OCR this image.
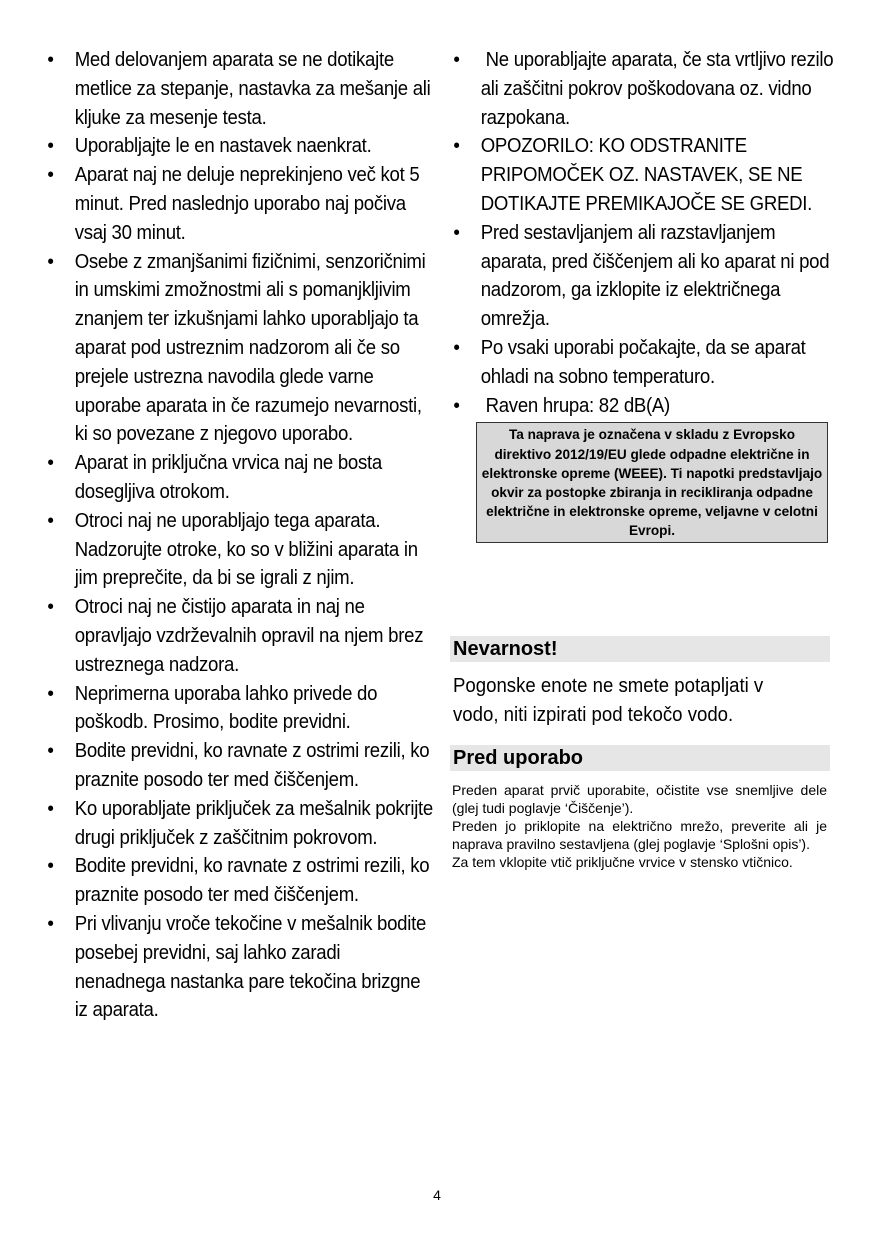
• Med delovanjem aparata se ne dotikajte metlice za stepanje, nastavka za mešanje ali kljuke za mesenje testa.
• Uporabljajte le en nastavek naenkrat.
• Aparat naj ne deluje neprekinjeno več kot 5 minut. Pred naslednjo uporabo naj počiva vsaj 30 minut.
• Osebe z zmanjšanimi fizičnimi, senzoričnimi in umskimi zmožnostmi ali s pomanjkljivim znanjem ter izkušnjami lahko uporabljajo ta aparat pod ustreznim nadzorom ali če so prejele ustrezna navodila glede varne uporabe aparata in če razumejo nevarnosti, ki so povezane z njegovo uporabo.
• Aparat in priključna vrvica naj ne bosta dosegljiva otrokom.
• Otroci naj ne uporabljajo tega aparata. Nadzorujte otroke, ko so v bližini aparata in jim preprečite, da bi se igrali z njim.
• Otroci naj ne čistijo aparata in naj ne opravljajo vzdrževalnih opravil na njem brez ustreznega nadzora.
• Neprimerna uporaba lahko privede do poškodb. Prosimo, bodite previdni.
• Bodite previdni, ko ravnate z ostrimi rezili, ko praznite posodo ter med čiščenjem.
• Ko uporabljate priključek za mešalnik pokrijte drugi priključek z zaščitnim pokrovom.
• Bodite previdni, ko ravnate z ostrimi rezili, ko praznite posodo ter med čiščenjem.
• Pri vlivanju vroče tekočine v mešalnik bodite posebej previdni, saj lahko zaradi nenadnega nastanka pare tekočina brizgne iz aparata.
• Ne uporabljajte aparata, če sta vrtljivo rezilo ali zaščitni pokrov poškodovana oz. vidno razpokana.
• OPOZORILO: KO ODSTRANITE PRIPOMOČEK OZ. NASTAVEK, SE NE DOTIKAJTE PREMIKAJOČE SE GREDI.
• Pred sestavljanjem ali razstavljanjem aparata, pred čiščenjem ali ko aparat ni pod nadzorom, ga izklopite iz električnega omrežja.
• Po vsaki uporabi počakajte, da se aparat ohladi na sobno temperaturo.
• Raven hrupa: 82 dB(A)
Ta naprava je označena v skladu z Evropsko direktivo 2012/19/EU glede odpadne električne in elektronske opreme (WEEE). Ti napotki predstavljajo okvir za postopke zbiranja in recikliranja odpadne električne in elektronske opreme, veljavne v celotni Evropi.
Nevarnost!
Pogonske enote ne smete potapljati v vodo, niti izpirati pod tekočo vodo.
Pred uporabo

Preden aparat prvič uporabite, očistite vse snemljive dele (glej tudi poglavje ‘Čiščenje’).

Preden jo priklopite na električno mrežo, preverite ali je naprava pravilno sestavljena (glej poglavje ‘Splošni opis’).

Za tem vklopite vtič priključne vrvice v stensko vtičnico.

4
